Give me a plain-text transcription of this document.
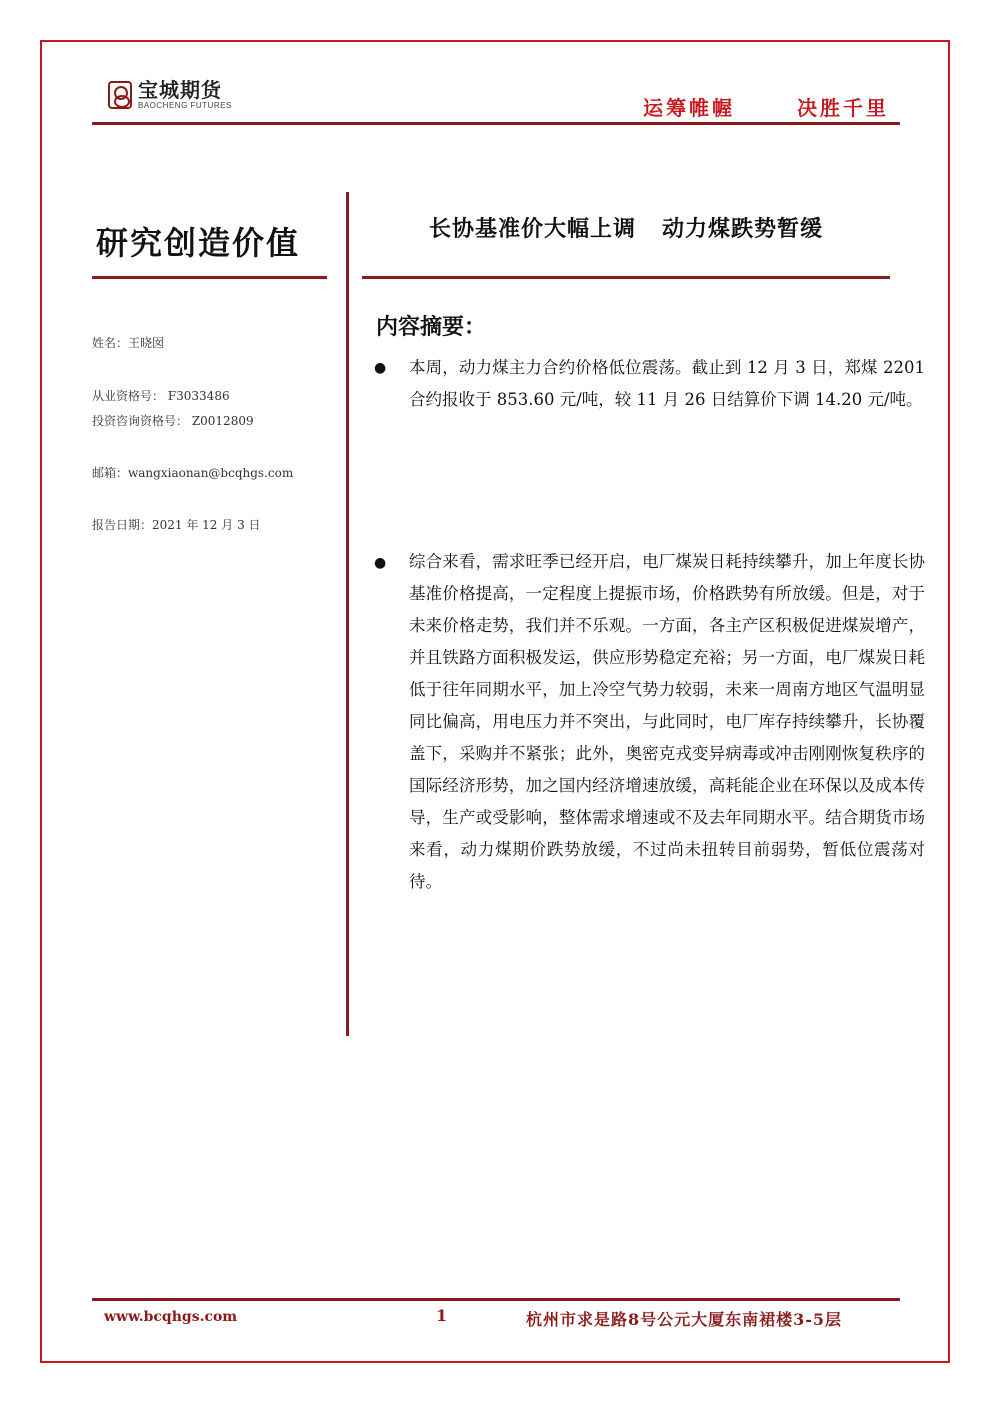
宝城期货
BAOCHENG FUTURES	运筹帷幄	决胜千里
研究创造价值	长协基准价大幅上调 动力煤跌势暂缓
姓名：王晓囡
从业资格号： F3033486
投资咨询资格号： Z0012809
邮箱：wangxiaonan@bcqhgs.com
报告日期：2021 年 12 月 3 日
内容摘要：
● 本周，动力煤主力合约价格低位震荡。截止到 12 月 3 日，郑煤 2201 合约报收于 853.60 元/吨，较 11 月 26 日结算价下调 14.20 元/吨。
● 综合来看，需求旺季已经开启，电厂煤炭日耗持续攀升，加上年度长协基准价格提高，一定程度上提振市场，价格跌势有所放缓。但是，对于未来价格走势，我们并不乐观。一方面，各主产区积极促进煤炭增产，并且铁路方面积极发运，供应形势稳定充裕；另一方面，电厂煤炭日耗低于往年同期水平，加上冷空气势力较弱，未来一周南方地区气温明显同比偏高，用电压力并不突出，与此同时，电厂库存持续攀升，长协覆盖下，采购并不紧张；此外，奥密克戎变异病毒或冲击刚刚恢复秩序的国际经济形势，加之国内经济增速放缓，高耗能企业在环保以及成本传导，生产或受影响，整体需求增速或不及去年同期水平。结合期货市场来看，动力煤期价跌势放缓，不过尚未扭转目前弱势，暂低位震荡对待。
www.bcqhgs.com	1	杭州市求是路8号公元大厦东南裙楼3-5层
